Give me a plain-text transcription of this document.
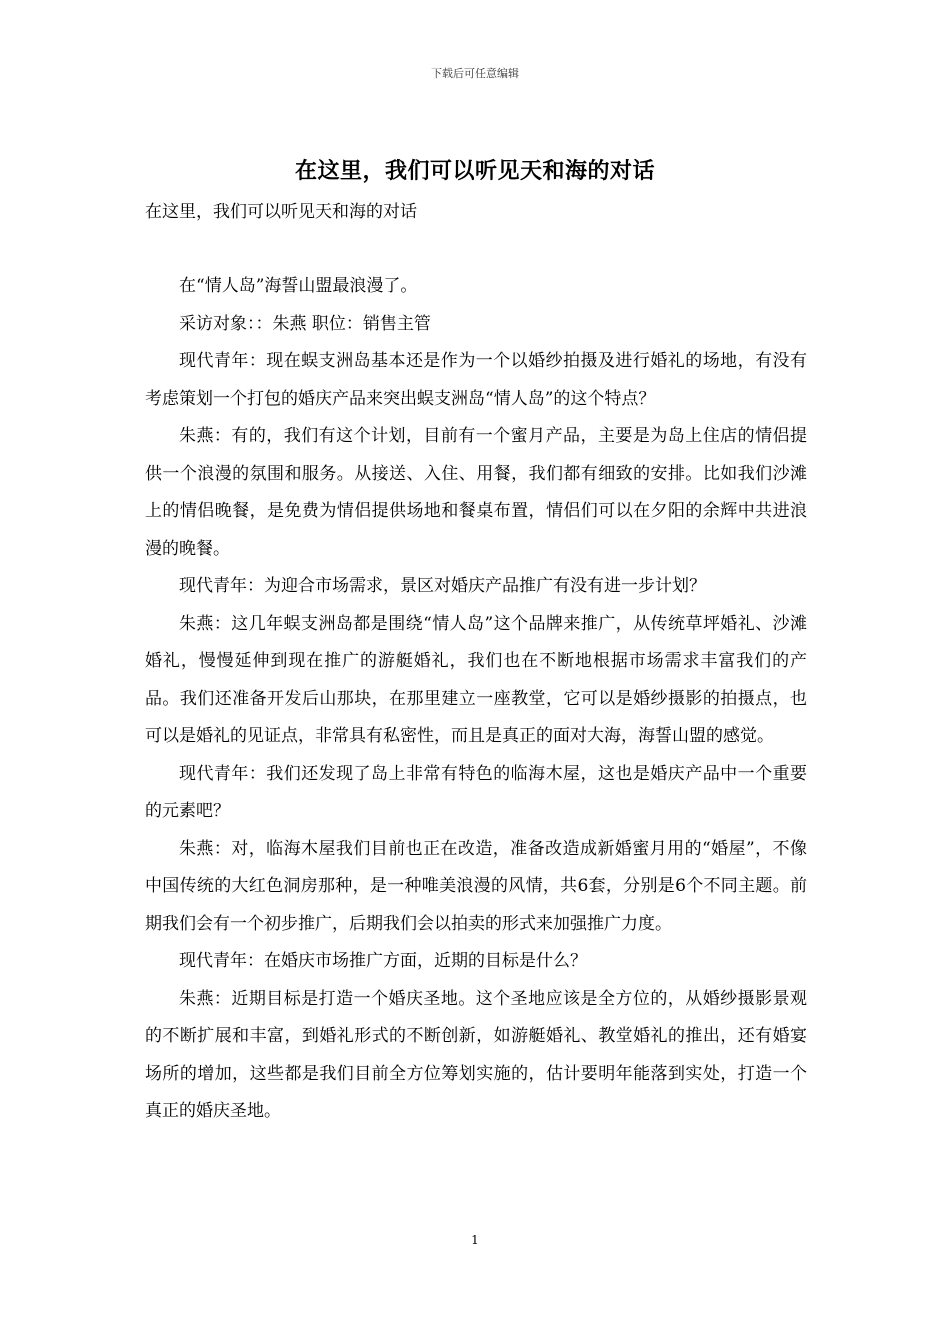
下载后可任意编辑
在这里，我们可以听见天和海的对话
在这里，我们可以听见天和海的对话

在“情人岛”海誓山盟最浪漫了。

采访对象：：朱燕 职位：销售主管

现代青年：现在蜈支洲岛基本还是作为一个以婚纱拍摄及进行婚礼的场地，有没有考虑策划一个打包的婚庆产品来突出蜈支洲岛“情人岛”的这个特点？

朱燕：有的，我们有这个计划，目前有一个蜜月产品，主要是为岛上住店的情侣提供一个浪漫的氛围和服务。从接送、入住、用餐，我们都有细致的安排。比如我们沙滩上的情侣晚餐，是免费为情侣提供场地和餐桌布置，情侣们可以在夕阳的余辉中共进浪漫的晚餐。

现代青年：为迎合市场需求，景区对婚庆产品推广有没有进一步计划？

朱燕：这几年蜈支洲岛都是围绕“情人岛”这个品牌来推广，从传统草坪婚礼、沙滩婚礼，慢慢延伸到现在推广的游艇婚礼，我们也在不断地根据市场需求丰富我们的产品。我们还准备开发后山那块，在那里建立一座教堂，它可以是婚纱摄影的拍摄点，也可以是婚礼的见证点，非常具有私密性，而且是真正的面对大海，海誓山盟的感觉。

现代青年：我们还发现了岛上非常有特色的临海木屋，这也是婚庆产品中一个重要的元素吧？

朱燕：对，临海木屋我们目前也正在改造，准备改造成新婚蜜月用的“婚屋”，不像中国传统的大红色洞房那种，是一种唯美浪漫的风情，共6套，分别是6个不同主题。前期我们会有一个初步推广，后期我们会以拍卖的形式来加强推广力度。

现代青年：在婚庆市场推广方面，近期的目标是什么？

朱燕：近期目标是打造一个婚庆圣地。这个圣地应该是全方位的，从婚纱摄影景观的不断扩展和丰富，到婚礼形式的不断创新，如游艇婚礼、教堂婚礼的推出，还有婚宴场所的增加，这些都是我们目前全方位筹划实施的，估计要明年能落到实处，打造一个真正的婚庆圣地。

1
